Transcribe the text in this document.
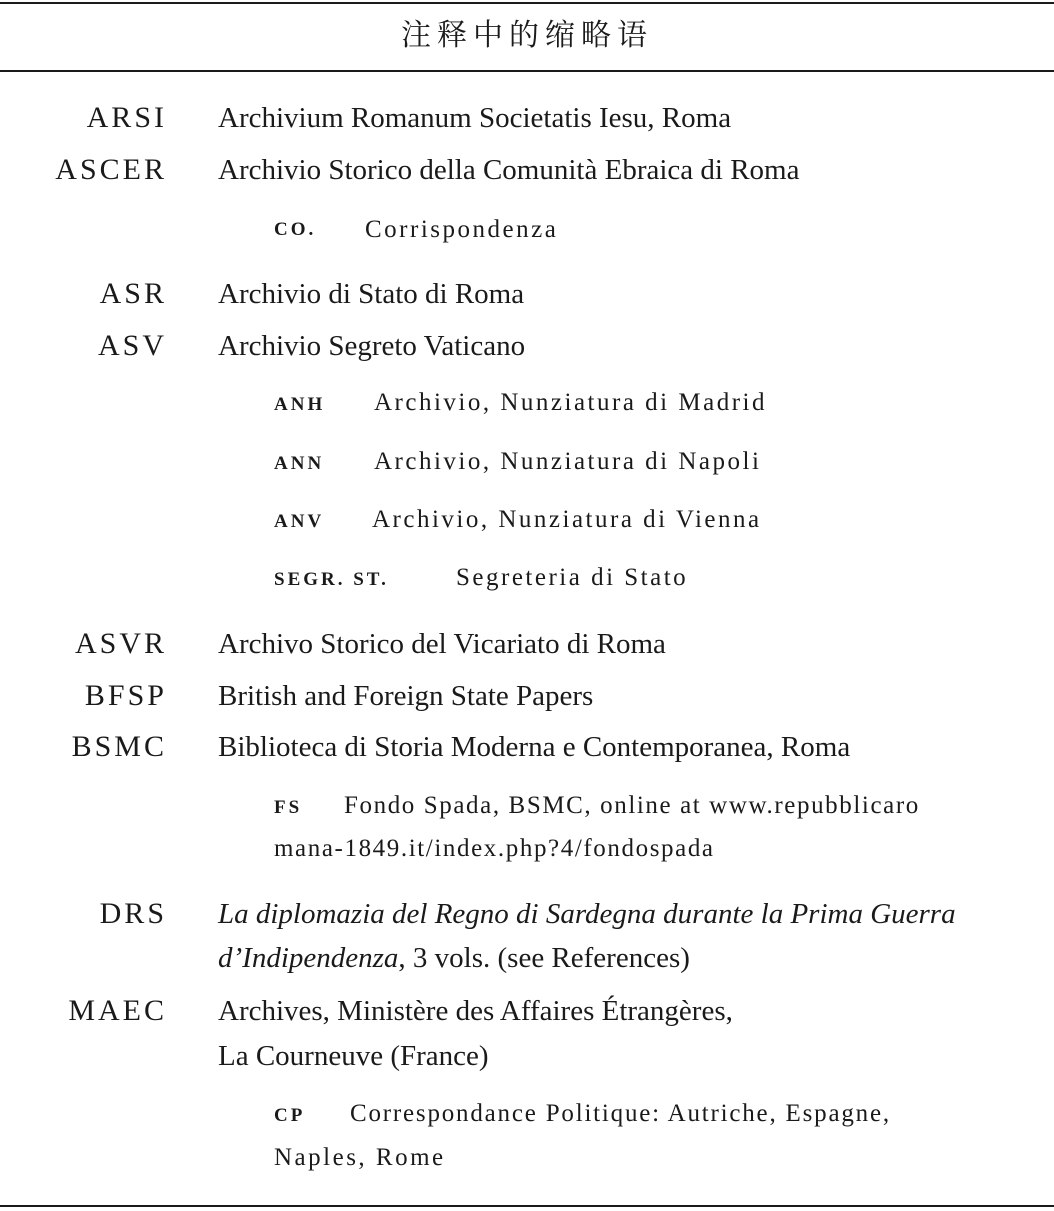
注释中的缩略语
ARSI Archivium Romanum Societatis Iesu, Roma
ASCER Archivio Storico della Comunità Ebraica di Roma
CO. Corrispondenza
ASR Archivio di Stato di Roma
ASV Archivio Segreto Vaticano
ANH Archivio, Nunziatura di Madrid
ANN Archivio, Nunziatura di Napoli
ANV Archivio, Nunziatura di Vienna
SEGR. ST.	Segreteria di Stato
ASVR Archivo Storico del Vicariato di Roma
BFSP British and Foreign State Papers
BSMC Biblioteca di Storia Moderna e Contemporanea, Roma
FS Fondo Spada, BSMC, online at www.repubblicaro
mana-1849.it/index.php?4/fondospada
DRS La diplomazia del Regno di Sardegna durante la Prima Guerra
d’Indipendenza, 3 vols. (see References)
MAEC Archives, Ministère des Affaires Étrangères,
La Courneuve (France)
CP Correspondance Politique: Autriche, Espagne,
Naples, Rome
